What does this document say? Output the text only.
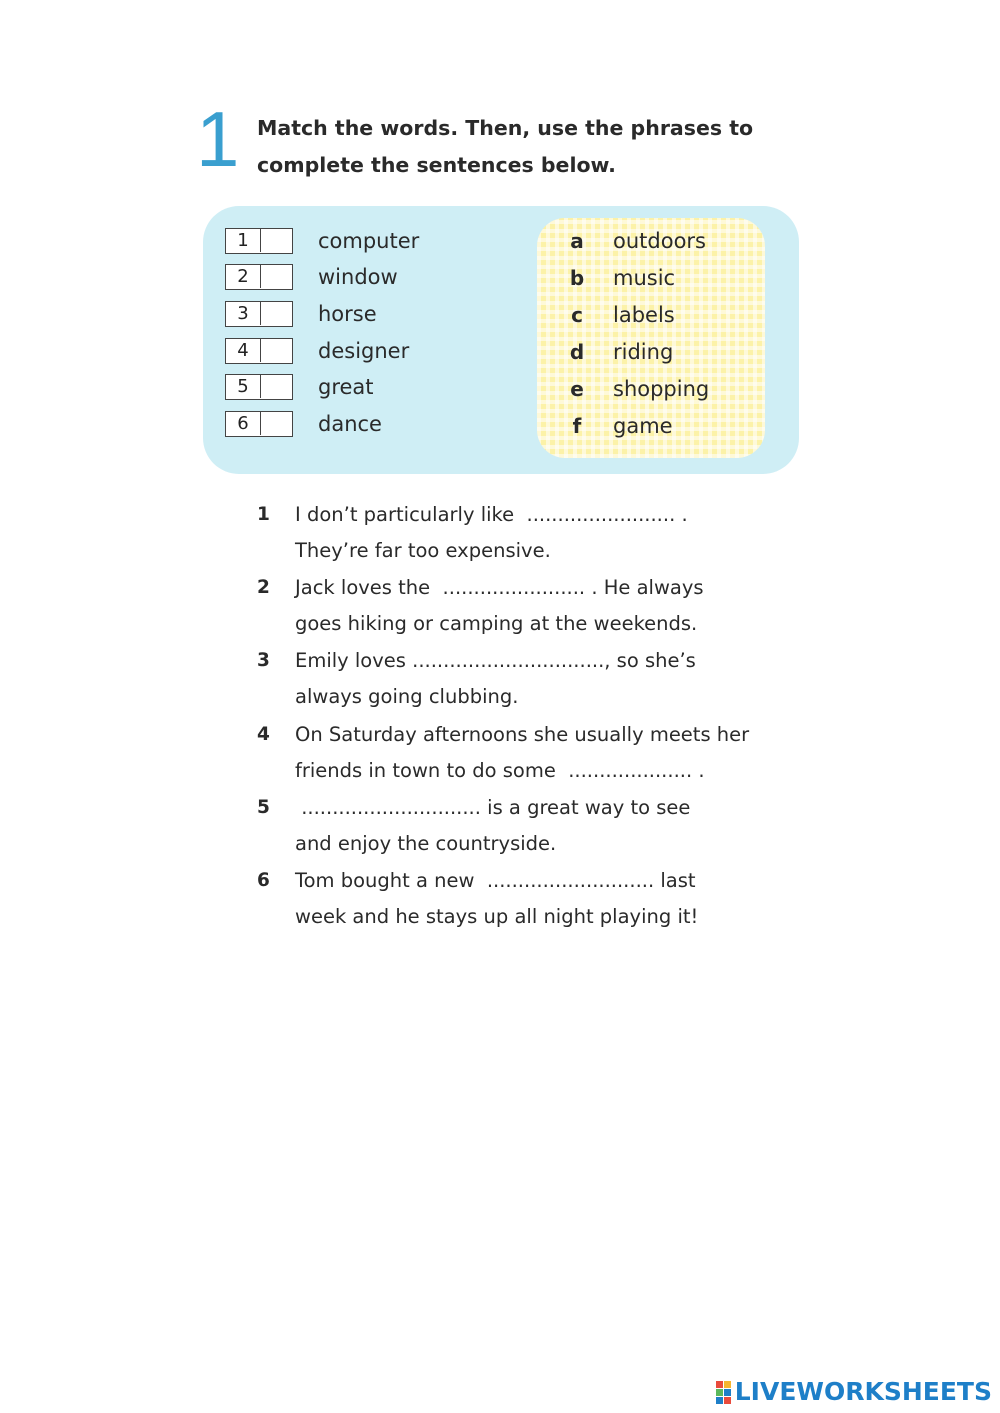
1 Match the words. Then, use the phrases to
complete the sentences below.
1	computer
2	window
3	horse
4	designer
5	great
6	dance
a outdoors
b music
c labels
d riding
e shopping
f game
1 I don’t particularly like  ........................ .
They’re far too expensive.
2 Jack loves the  ....................... . He always
goes hiking or camping at the weekends.
3 Emily loves ..............................., so she’s
always going clubbing.
4 On Saturday afternoons she usually meets her
friends in town to do some  .................... .
5 ............................. is a great way to see
and enjoy the countryside.
6 Tom bought a new  ........................... last
week and he stays up all night playing it!
LIVEWORKSHEETS
